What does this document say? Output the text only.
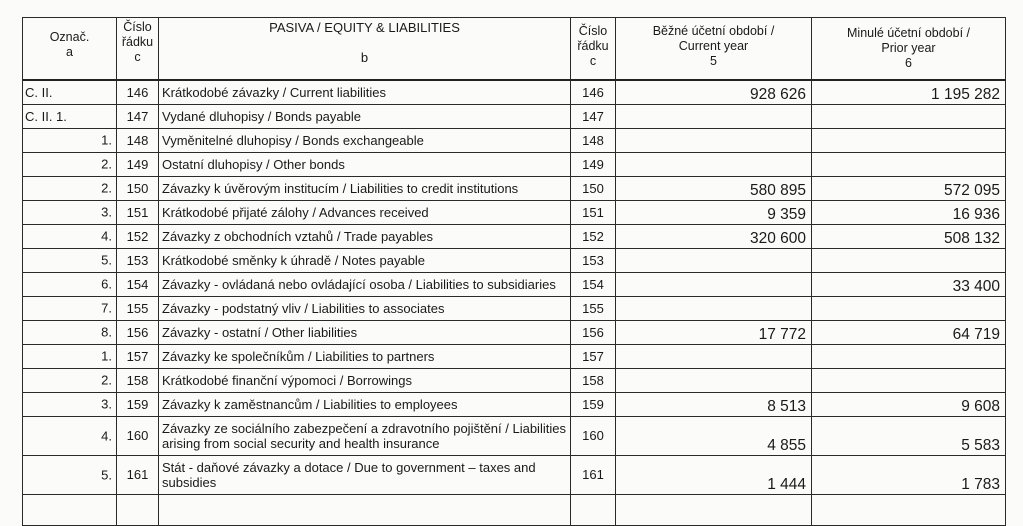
Označ.
a	Číslo
řádku
c	PASIVA / EQUITY & LIABILITIES
b	Číslo
řádku
c	Běžné účetní období /
Current year
5	Minulé účetní období /
Prior year
6

C. II.	146	Krátkodobé závazky / Current liabilities	146	928 626	1 195 282
C. II. 1.	147	Vydané dluhopisy / Bonds payable	147		

1.	148	Vyměnitelné dluhopisy / Bonds exchangeable	148		

2.	149	Ostatní dluhopisy / Other bonds	149		

2.	150	Závazky k úvěrovým institucím / Liabilities to credit institutions	150	580 895	572 095

3.	151	Krátkodobé přijaté zálohy / Advances received	151	9 359	16 936

4.	152	Závazky z obchodních vztahů / Trade payables	152	320 600	508 132

5.	153	Krátkodobé směnky k úhradě / Notes payable	153		

6.	154	Závazky - ovládaná nebo ovládající osoba / Liabilities to subsidiaries	154		33 400

7.	155	Závazky - podstatný vliv / Liabilities to associates	155		

8.	156	Závazky - ostatní / Other liabilities	156	17 772	64 719

1.	157	Závazky ke společníkům / Liabilities to partners	157		

2.	158	Krátkodobé finanční výpomoci / Borrowings	158		

3.	159	Závazky k zaměstnancům / Liabilities to employees	159	8 513	9 608

4.	160	Závazky ze sociálního zabezpečení a zdravotního pojištění / Liabilities arising from social security and health insurance	160	4 855	5 583

5.	161	Stát - daňové závazky a dotace / Due to government – taxes and subsidies	161	1 444	1 783
